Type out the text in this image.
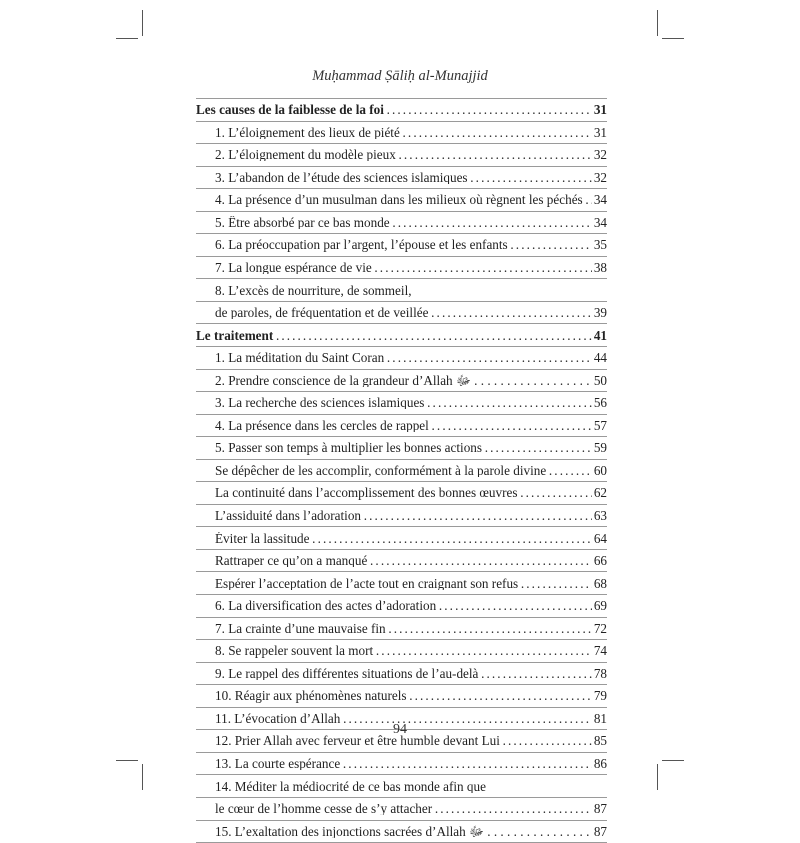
Muḥammad Ṣāliḥ al-Munajjid
Les causes de la faiblesse de la foi . . .	31
1. L’éloignement des lieux de piété . . .	31
2. L’éloignement du modèle pieux . . .	32
3. L’abandon de l’étude des sciences islamiques . . .	32
4. La présence d’un musulman dans les milieux où règnent les péchés . . . 34
5. Être absorbé par ce bas monde . . .	34
6. La préoccupation par l’argent, l’épouse et les enfants . . .	35
7. La longue espérance de vie . . .	38
8. L’excès de nourriture, de sommeil,
de paroles, de fréquentation et de veillée . . .	39
Le traitement . . .	41
1. La méditation du Saint Coran . . .	44
2. Prendre conscience de la grandeur d’Allah ﷻ . . .	50
3. La recherche des sciences islamiques . . .	56
4. La présence dans les cercles de rappel . . .	57
5. Passer son temps à multiplier les bonnes actions . . .	59
Se dépêcher de les accomplir, conformément à la parole divine . . .	60
La continuité dans l’accomplissement des bonnes œuvres . . .	62
L’assiduité dans l’adoration . . .	63
Éviter la lassitude . . .	64
Rattraper ce qu’on a manqué . . .	66
Espérer l’acceptation de l’acte tout en craignant son refus . . .	68
6. La diversification des actes d’adoration . . .	69
7. La crainte d’une mauvaise fin . . .	72
8. Se rappeler souvent la mort . . .	74
9. Le rappel des différentes situations de l’au-delà . . .	78
10. Réagir aux phénomènes naturels . . .	79
11. L’évocation d’Allah . . .	81
12. Prier Allah avec ferveur et être humble devant Lui . . .	85
13. La courte espérance . . .	86
14. Méditer la médiocrité de ce bas monde afin que
le cœur de l’homme cesse de s’y attacher . . .	87
15. L’exaltation des injonctions sacrées d’Allah ﷻ . . .	87
94
